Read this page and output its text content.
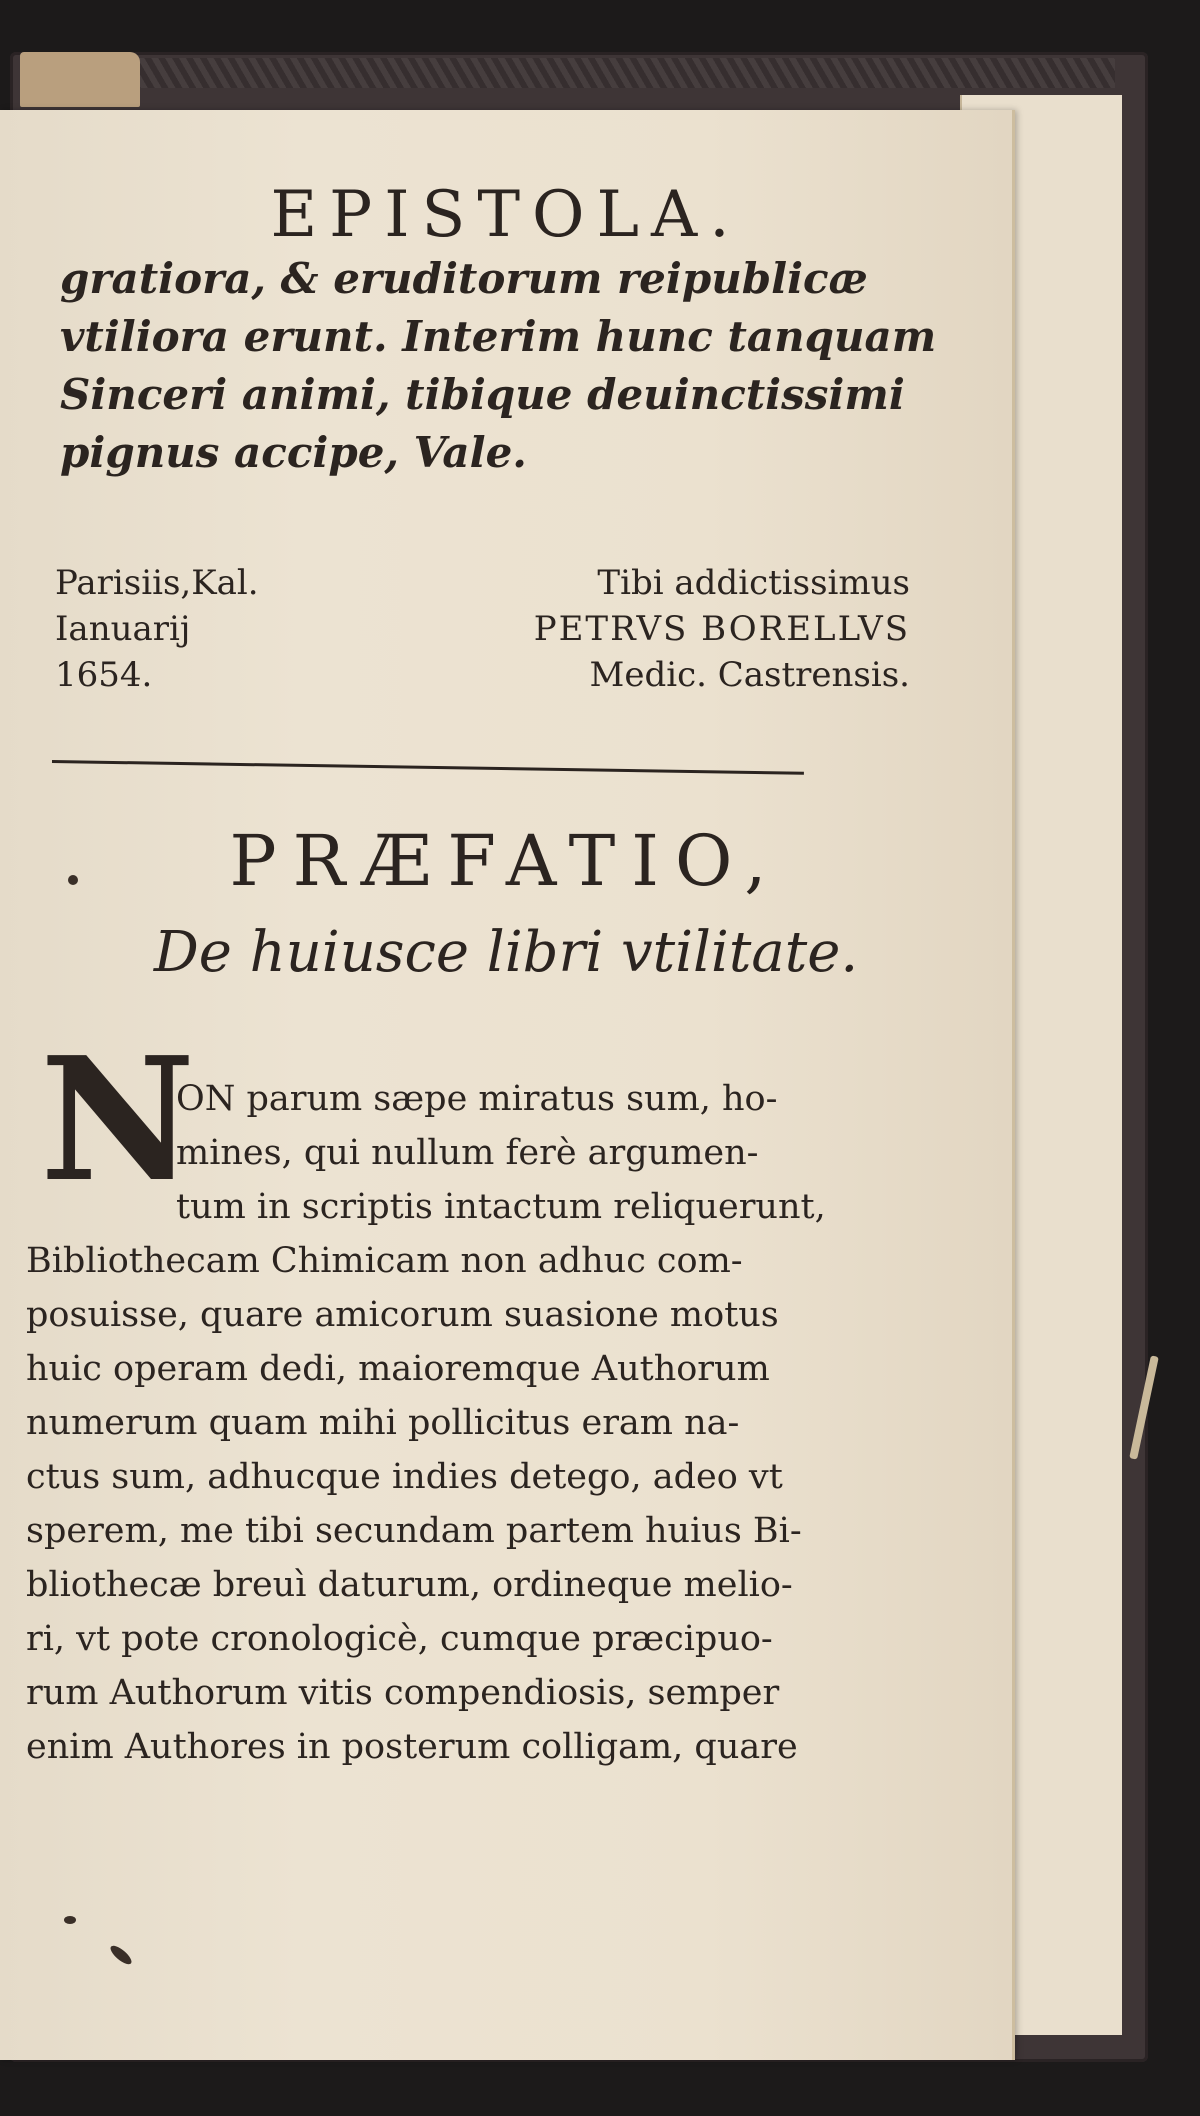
EPISTOLA.
gratiora, & eruditorum reipublicæ
vtiliora erunt. Interim hunc tanquam
Sinceri animi, tibique deuinctissimi
pignus accipe, Vale.
Parisiis,Kal.
Ianuarij
1654.
Tibi addictissimus
PETRVS BORELLVS
Medic. Castrensis.
PRÆFATIO,
De huiusce libri vtilitate.
N
ON parum sæpe miratus sum, ho-
mines, qui nullum ferè argumen-
tum in scriptis intactum reliquerunt,
Bibliothecam Chimicam non adhuc com-
posuisse, quare amicorum suasione motus
huic operam dedi, maioremque Authorum
numerum quam mihi pollicitus eram na-
ctus sum, adhucque indies detego, adeo vt
sperem, me tibi secundam partem huius Bi-
bliothecæ breuì daturum, ordineque melio-
ri, vt pote cronologicè, cumque præcipuo-
rum Authorum vitis compendiosis, semper
enim Authores in posterum colligam, quare
